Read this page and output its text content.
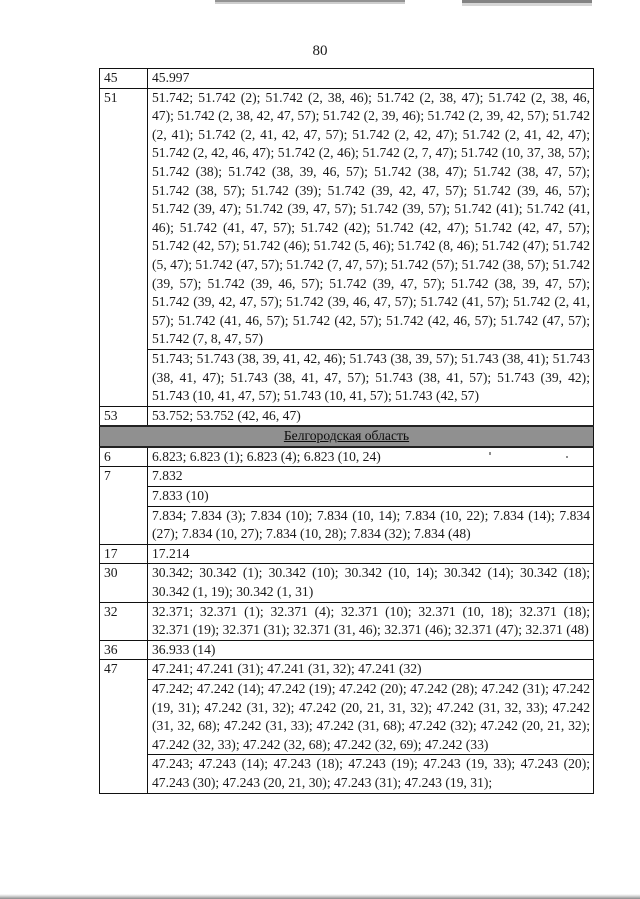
80
45	45.997
51	51.742; 51.742 (2); 51.742 (2, 38, 46); 51.742 (2, 38, 47); 51.742 (2, 38, 46, 47); 51.742 (2, 38, 42, 47, 57); 51.742 (2, 39, 46); 51.742 (2, 39, 42, 57); 51.742 (2, 41); 51.742 (2, 41, 42, 47, 57); 51.742 (2, 42, 47); 51.742 (2, 41, 42, 47); 51.742 (2, 42, 46, 47); 51.742 (2, 46); 51.742 (2, 7, 47); 51.742 (10, 37, 38, 57); 51.742 (38); 51.742 (38, 39, 46, 57); 51.742 (38, 47); 51.742 (38, 47, 57); 51.742 (38, 57); 51.742 (39); 51.742 (39, 42, 47, 57); 51.742 (39, 46, 57); 51.742 (39, 47); 51.742 (39, 47, 57); 51.742 (39, 57); 51.742 (41); 51.742 (41, 46); 51.742 (41, 47, 57); 51.742 (42); 51.742 (42, 47); 51.742 (42, 47, 57); 51.742 (42, 57); 51.742 (46); 51.742 (5, 46); 51.742 (8, 46); 51.742 (47); 51.742 (5, 47); 51.742 (47, 57); 51.742 (7, 47, 57); 51.742 (57); 51.742 (38, 57); 51.742 (39, 57); 51.742 (39, 46, 57); 51.742 (39, 47, 57); 51.742 (38, 39, 47, 57); 51.742 (39, 42, 47, 57); 51.742 (39, 46, 47, 57); 51.742 (41, 57); 51.742 (2, 41, 57); 51.742 (41, 46, 57); 51.742 (42, 57); 51.742 (42, 46, 57); 51.742 (47, 57); 51.742 (7, 8, 47, 57)
	51.743; 51.743 (38, 39, 41, 42, 46); 51.743 (38, 39, 57); 51.743 (38, 41); 51.743 (38, 41, 47); 51.743 (38, 41, 47, 57); 51.743 (38, 41, 57); 51.743 (39, 42); 51.743 (10, 41, 47, 57); 51.743 (10, 41, 57); 51.743 (42, 57)
53	53.752; 53.752 (42, 46, 47)
Белгородская область	
6	6.823; 6.823 (1); 6.823 (4); 6.823 (10, 24)
7	7.832
	7.833 (10)
	7.834; 7.834 (3); 7.834 (10); 7.834 (10, 14); 7.834 (10, 22); 7.834 (14); 7.834 (27); 7.834 (10, 27); 7.834 (10, 28); 7.834 (32); 7.834 (48)
17	17.214
30	30.342; 30.342 (1); 30.342 (10); 30.342 (10, 14); 30.342 (14); 30.342 (18); 30.342 (1, 19); 30.342 (1, 31)
32	32.371; 32.371 (1); 32.371 (4); 32.371 (10); 32.371 (10, 18); 32.371 (18); 32.371 (19); 32.371 (31); 32.371 (31, 46); 32.371 (46); 32.371 (47); 32.371 (48)
36	36.933 (14)
47	47.241; 47.241 (31); 47.241 (31, 32); 47.241 (32)
	47.242; 47.242 (14); 47.242 (19); 47.242 (20); 47.242 (28); 47.242 (31); 47.242 (19, 31); 47.242 (31, 32); 47.242 (20, 21, 31, 32); 47.242 (31, 32, 33); 47.242 (31, 32, 68); 47.242 (31, 33); 47.242 (31, 68); 47.242 (32); 47.242 (20, 21, 32); 47.242 (32, 33); 47.242 (32, 68); 47.242 (32, 69); 47.242 (33)
	47.243; 47.243 (14); 47.243 (18); 47.243 (19); 47.243 (19, 33); 47.243 (20); 47.243 (30); 47.243 (20, 21, 30); 47.243 (31); 47.243 (19, 31);
